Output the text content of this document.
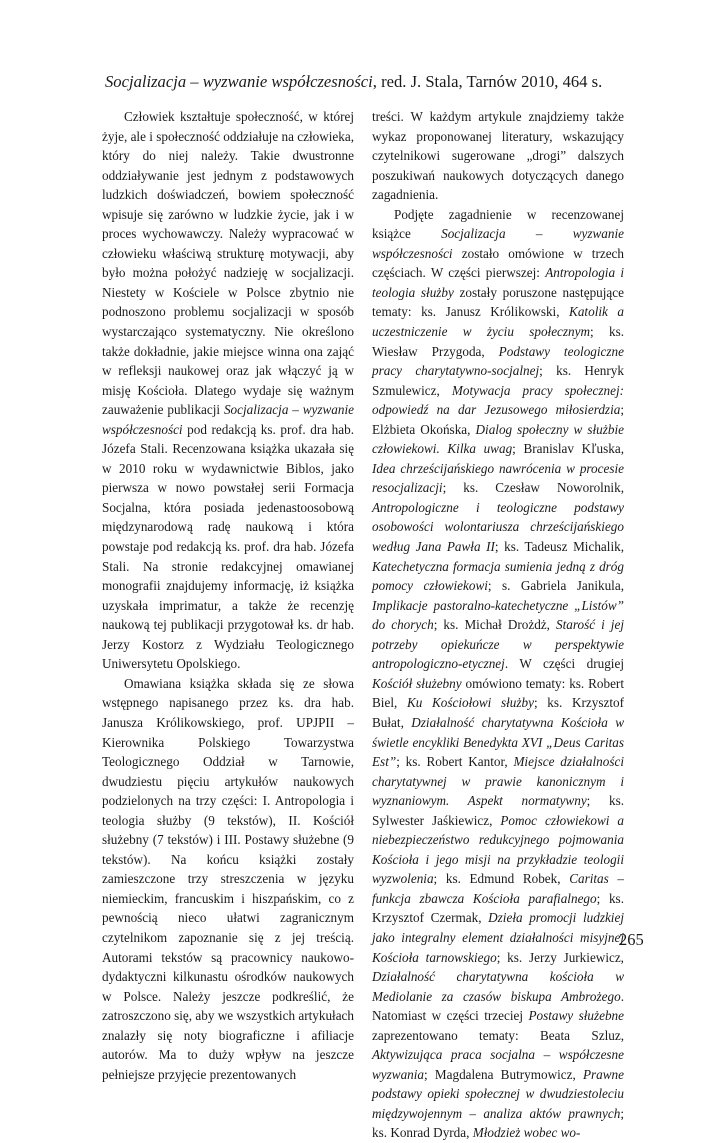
Socjalizacja – wyzwanie współczesności, red. J. Stala, Tarnów 2010, 464 s.

Człowiek kształtuje społeczność, w której żyje, ale i społeczność oddziałuje na człowieka, który do niej należy. Takie dwustronne oddziaływanie jest jednym z podstawowych ludzkich doświadczeń, bowiem społeczność wpisuje się zarówno w ludzkie życie, jak i w proces wychowawczy. Należy wypracować w człowieku właściwą strukturę motywacji, aby było można położyć nadzieję w socjalizacji. Niestety w Kościele w Polsce zbytnio nie podnoszono problemu socjalizacji w sposób wystarczająco systematyczny. Nie określono także dokładnie, jakie miejsce winna ona zająć w refleksji naukowej oraz jak włączyć ją w misję Kościoła. Dlatego wydaje się ważnym zauważenie publikacji Socjalizacja – wyzwanie współczesności pod redakcją ks. prof. dra hab. Józefa Stali. Recenzowana książka ukazała się w 2010 roku w wydawnictwie Biblos, jako pierwsza w nowo powstałej serii Formacja Socjalna, która posiada jedenastoosobową międzynarodową radę naukową i która powstaje pod redakcją ks. prof. dra hab. Józefa Stali. Na stronie redakcyjnej omawianej monografii znajdujemy informację, iż książka uzyskała imprimatur, a także że recenzję naukową tej publikacji przygotował ks. dr hab. Jerzy Kostorz z Wydziału Teologicznego Uniwersytetu Opolskiego.

Omawiana książka składa się ze słowa wstępnego napisanego przez ks. dra hab. Janusza Królikowskiego, prof. UPJPII – Kierownika Polskiego Towarzystwa Teologicznego Oddział w Tarnowie, dwudziestu pięciu artykułów naukowych podzielonych na trzy części: I. Antropologia i teologia służby (9 tekstów), II. Kościół służebny (7 tekstów) i III. Postawy służebne (9 tekstów). Na końcu książki zostały zamieszczone trzy streszczenia w języku niemieckim, francuskim i hiszpańskim, co z pewnością nieco ułatwi zagranicznym czytelnikom zapoznanie się z jej treścią. Autorami tekstów są pracownicy naukowo-dydaktyczni kilkunastu ośrodków naukowych w Polsce. Należy jeszcze podkreślić, że zatroszczono się, aby we wszystkich artykułach znalazły się noty biograficzne i afiliacje autorów. Ma to duży wpływ na jeszcze pełniejsze przyjęcie prezentowanych

treści. W każdym artykule znajdziemy także wykaz proponowanej literatury, wskazujący czytelnikowi sugerowane „drogi” dalszych poszukiwań naukowych dotyczących danego zagadnienia.

Podjęte zagadnienie w recenzowanej książce Socjalizacja – wyzwanie współczesności zostało omówione w trzech częściach. W części pierwszej: Antropologia i teologia służby zostały poruszone następujące tematy: ks. Janusz Królikowski, Katolik a uczestniczenie w życiu społecznym; ks. Wiesław Przygoda, Podstawy teologiczne pracy charytatywno-socjalnej; ks. Henryk Szmulewicz, Motywacja pracy społecznej: odpowiedź na dar Jezusowego miłosierdzia; Elżbieta Okońska, Dialog społeczny w służbie człowiekowi. Kilka uwag; Branislav Kľuska, Idea chrześcijańskiego nawrócenia w procesie resocjalizacji; ks. Czesław Noworolnik, Antropologiczne i teologiczne podstawy osobowości wolontariusza chrześcijańskiego według Jana Pawła II; ks. Tadeusz Michalik, Katechetyczna formacja sumienia jedną z dróg pomocy człowiekowi; s. Gabriela Janikula, Implikacje pastoralno-katechetyczne „Listów” do chorych; ks. Michał Drożdż, Starość i jej potrzeby opiekuńcze w perspektywie antropologiczno-etycznej. W części drugiej Kościół służebny omówiono tematy: ks. Robert Biel, Ku Kościołowi służby; ks. Krzysztof Bułat, Działalność charytatywna Kościoła w świetle encykliki Benedykta XVI „Deus Caritas Est”; ks. Robert Kantor, Miejsce działalności charytatywnej w prawie kanonicznym i wyznaniowym. Aspekt normatywny; ks. Sylwester Jaśkiewicz, Pomoc człowiekowi a niebezpieczeństwo redukcyjnego pojmowania Kościoła i jego misji na przykładzie teologii wyzwolenia; ks. Edmund Robek, Caritas – funkcja zbawcza Kościoła parafialnego; ks. Krzysztof Czermak, Dzieła promocji ludzkiej jako integralny element działalności misyjnej Kościoła tarnowskiego; ks. Jerzy Jurkiewicz, Działalność charytatywna kościoła w Mediolanie za czasów biskupa Ambrożego. Natomiast w części trzeciej Postawy służebne zaprezentowano tematy: Beata Szluz, Aktywizująca praca socjalna – współczesne wyzwania; Magdalena Butrymowicz, Prawne podstawy opieki społecznej w dwudziestoleciu międzywojennym – analiza aktów prawnych; ks. Konrad Dyrda, Młodzież wobec wo-

265
